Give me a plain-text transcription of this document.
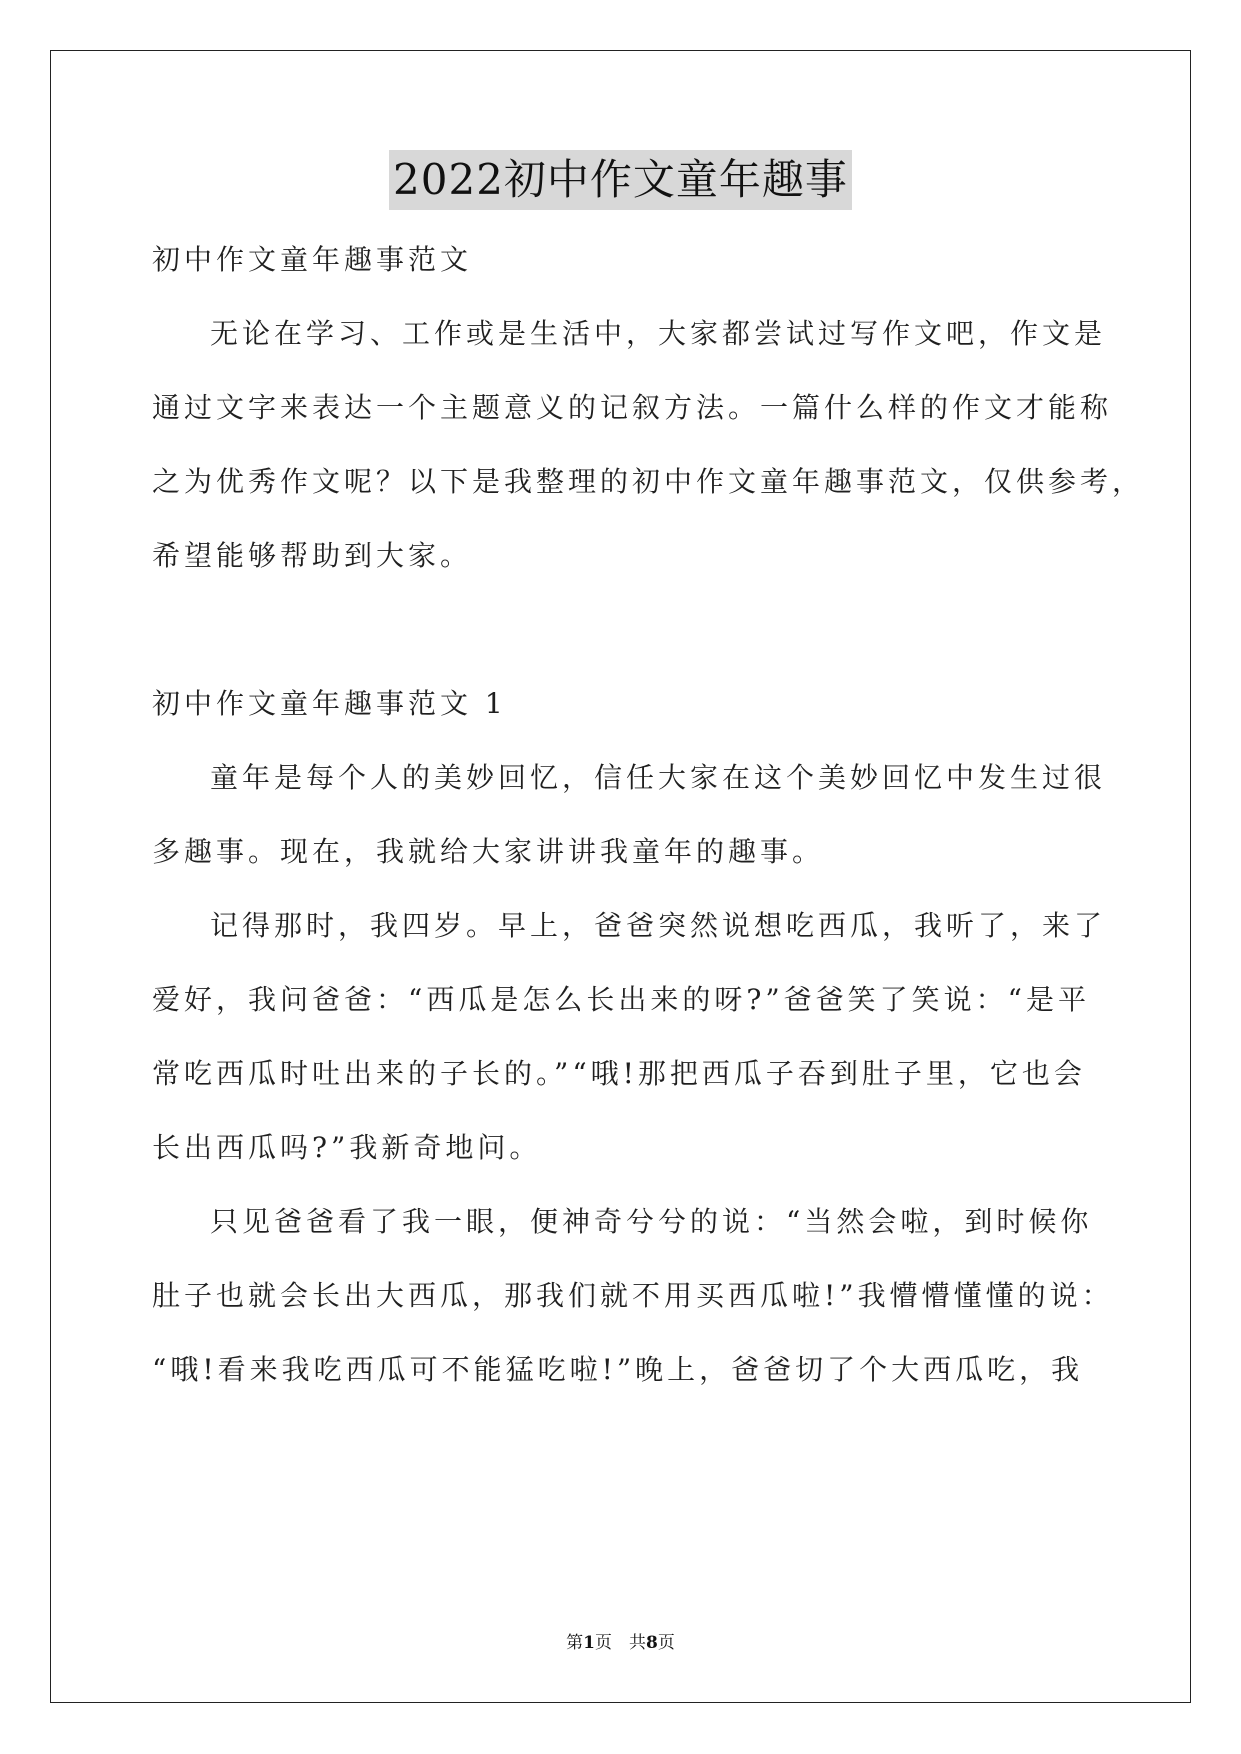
2022初中作文童年趣事
初中作文童年趣事范文
无论在学习、工作或是生活中，大家都尝试过写作文吧，作文是
通过文字来表达一个主题意义的记叙方法。一篇什么样的作文才能称
之为优秀作文呢？以下是我整理的初中作文童年趣事范文，仅供参考，
希望能够帮助到大家。
初中作文童年趣事范文 1
童年是每个人的美妙回忆，信任大家在这个美妙回忆中发生过很
多趣事。现在，我就给大家讲讲我童年的趣事。
记得那时，我四岁。早上，爸爸突然说想吃西瓜，我听了，来了
爱好，我问爸爸：“西瓜是怎么长出来的呀?”爸爸笑了笑说：“是平
常吃西瓜时吐出来的子长的。”“哦!那把西瓜子吞到肚子里，它也会
长出西瓜吗?”我新奇地问。
只见爸爸看了我一眼，便神奇兮兮的说：“当然会啦，到时候你
肚子也就会长出大西瓜，那我们就不用买西瓜啦!”我懵懵懂懂的说：
“哦!看来我吃西瓜可不能猛吃啦!”晚上，爸爸切了个大西瓜吃，我
第1页　共8页
